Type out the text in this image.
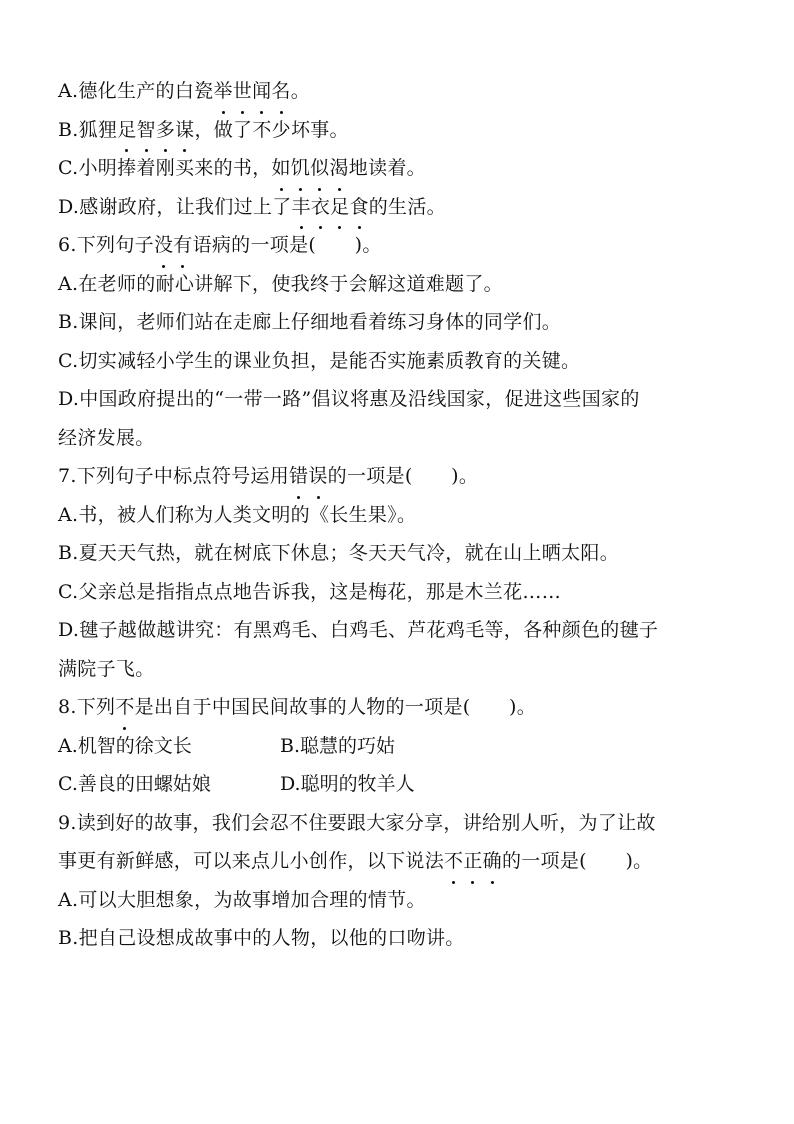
A.德化生产的白瓷举世闻名。
B.狐狸足智多谋，做了不少坏事。
C.小明捧着刚买来的书，如饥似渴地读着。
D.感谢政府，让我们过上了丰衣足食的生活。
6.下列句子没有语病的一项是(　　)。
A.在老师的耐心讲解下，使我终于会解这道难题了。
B.课间，老师们站在走廊上仔细地看着练习身体的同学们。
C.切实减轻小学生的课业负担，是能否实施素质教育的关键。
D.中国政府提出的“一带一路”倡议将惠及沿线国家，促进这些国家的
经济发展。
7.下列句子中标点符号运用错误的一项是(　　)。
A.书，被人们称为人类文明的《长生果》。
B.夏天天气热，就在树底下休息；冬天天气冷，就在山上晒太阳。
C.父亲总是指指点点地告诉我，这是梅花，那是木兰花……
D.毽子越做越讲究：有黑鸡毛、白鸡毛、芦花鸡毛等，各种颜色的毽子
满院子飞。
8.下列不是出自于中国民间故事的人物的一项是(　　)。
A.机智的徐文长	B.聪慧的巧姑
C.善良的田螺姑娘	D.聪明的牧羊人
9.读到好的故事，我们会忍不住要跟大家分享，讲给别人听，为了让故
事更有新鲜感，可以来点儿小创作，以下说法不正确的一项是(　　)。
A.可以大胆想象，为故事增加合理的情节。
B.把自己设想成故事中的人物，以他的口吻讲。
